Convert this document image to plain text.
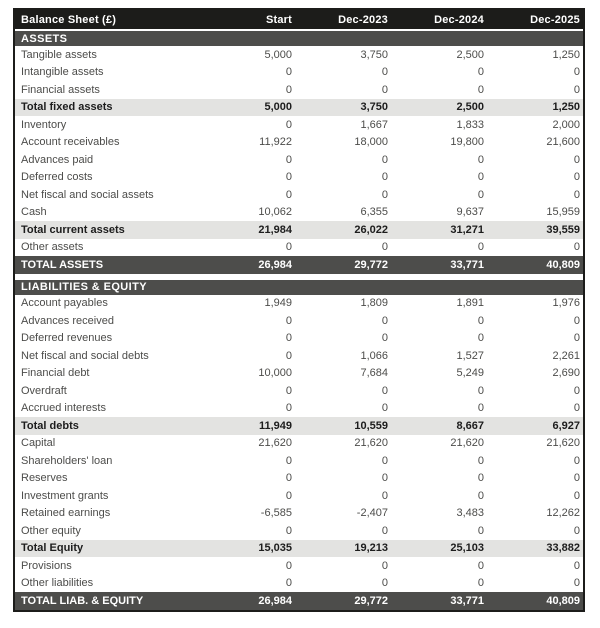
Balance Sheet (£)	Start	Dec-2023	Dec-2024	Dec-2025
ASSETS
Tangible assets	5,000	3,750	2,500	1,250
Intangible assets	0	0	0	0
Financial assets	0	0	0	0
Total fixed assets	5,000	3,750	2,500	1,250
Inventory	0	1,667	1,833	2,000
Account receivables	11,922	18,000	19,800	21,600
Advances paid	0	0	0	0
Deferred costs	0	0	0	0
Net fiscal and social assets	0	0	0	0
Cash	10,062	6,355	9,637	15,959
Total current assets	21,984	26,022	31,271	39,559
Other assets	0	0	0	0
TOTAL ASSETS	26,984	29,772	33,771	40,809
LIABILITIES & EQUITY
Account payables	1,949	1,809	1,891	1,976
Advances received	0	0	0	0
Deferred revenues	0	0	0	0
Net fiscal and social debts	0	1,066	1,527	2,261
Financial debt	10,000	7,684	5,249	2,690
Overdraft	0	0	0	0
Accrued interests	0	0	0	0
Total debts	11,949	10,559	8,667	6,927
Capital	21,620	21,620	21,620	21,620
Shareholders' loan	0	0	0	0
Reserves	0	0	0	0
Investment grants	0	0	0	0
Retained earnings	-6,585	-2,407	3,483	12,262
Other equity	0	0	0	0
Total Equity	15,035	19,213	25,103	33,882
Provisions	0	0	0	0
Other liabilities	0	0	0	0
TOTAL LIAB. & EQUITY	26,984	29,772	33,771	40,809
